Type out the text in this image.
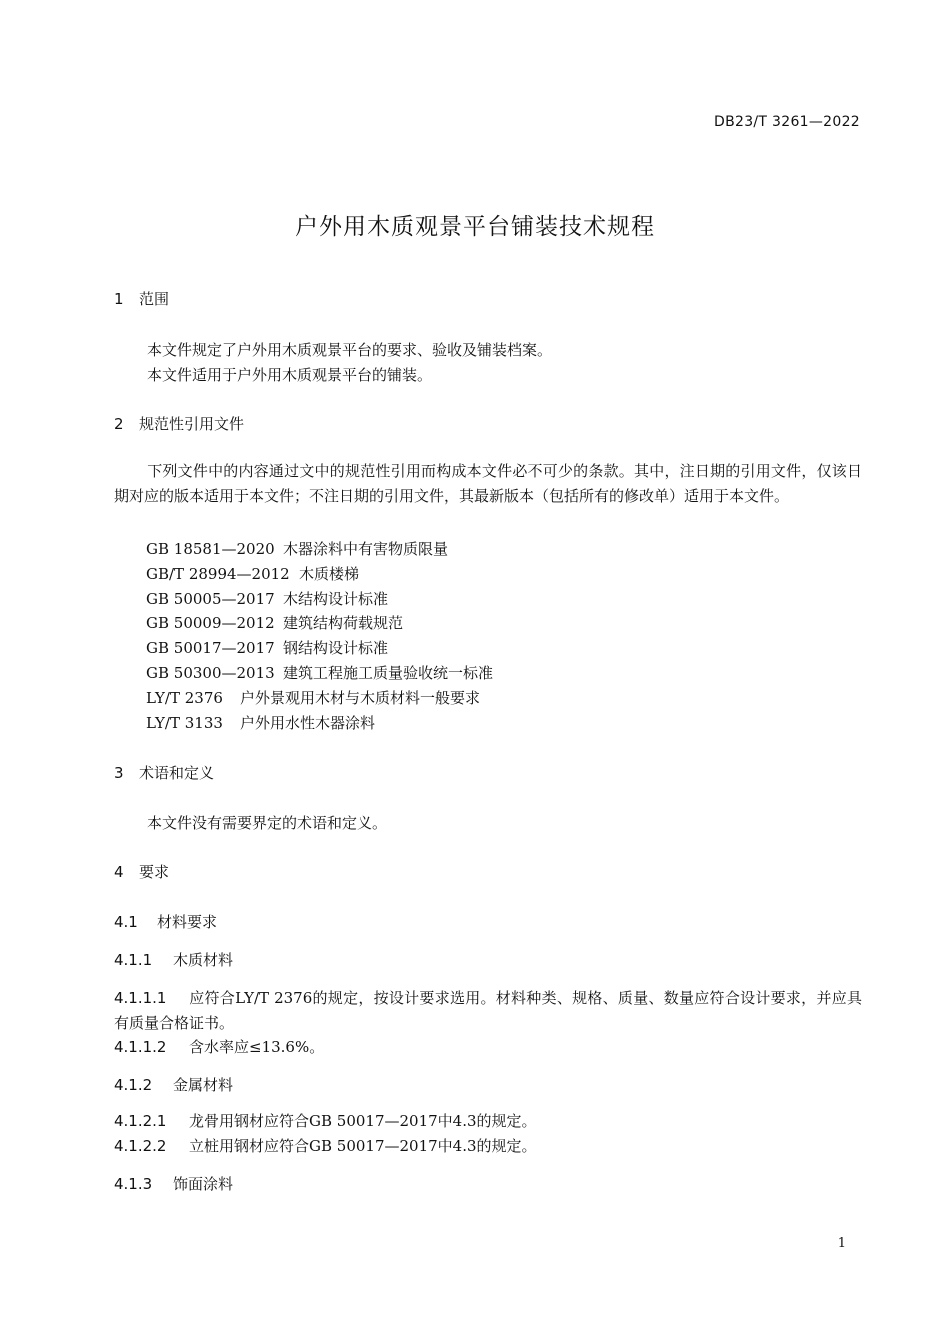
DB23/T 3261—2022
户外用木质观景平台铺装技术规程
1 范围
本文件规定了户外用木质观景平台的要求、验收及铺装档案。
本文件适用于户外用木质观景平台的铺装。
2 规范性引用文件
下列文件中的内容通过文中的规范性引用而构成本文件必不可少的条款。其中，注日期的引用文件，仅该日期对应的版本适用于本文件；不注日期的引用文件，其最新版本（包括所有的修改单）适用于本文件。
GB 18581—2020 木器涂料中有害物质限量
GB/T 28994—2012 木质楼梯
GB 50005—2017 木结构设计标准
GB 50009—2012 建筑结构荷载规范
GB 50017—2017 钢结构设计标准
GB 50300—2013 建筑工程施工质量验收统一标准
LY/T 2376 户外景观用木材与木质材料一般要求
LY/T 3133 户外用水性木器涂料
3 术语和定义
本文件没有需要界定的术语和定义。
4 要求
4.1 材料要求
4.1.1 木质材料
4.1.1.1 应符合LY/T 2376的规定，按设计要求选用。材料种类、规格、质量、数量应符合设计要求，并应具有质量合格证书。
4.1.1.2 含水率应≤13.6%。
4.1.2 金属材料
4.1.2.1 龙骨用钢材应符合GB 50017—2017中4.3的规定。
4.1.2.2 立桩用钢材应符合GB 50017—2017中4.3的规定。
4.1.3 饰面涂料
1
